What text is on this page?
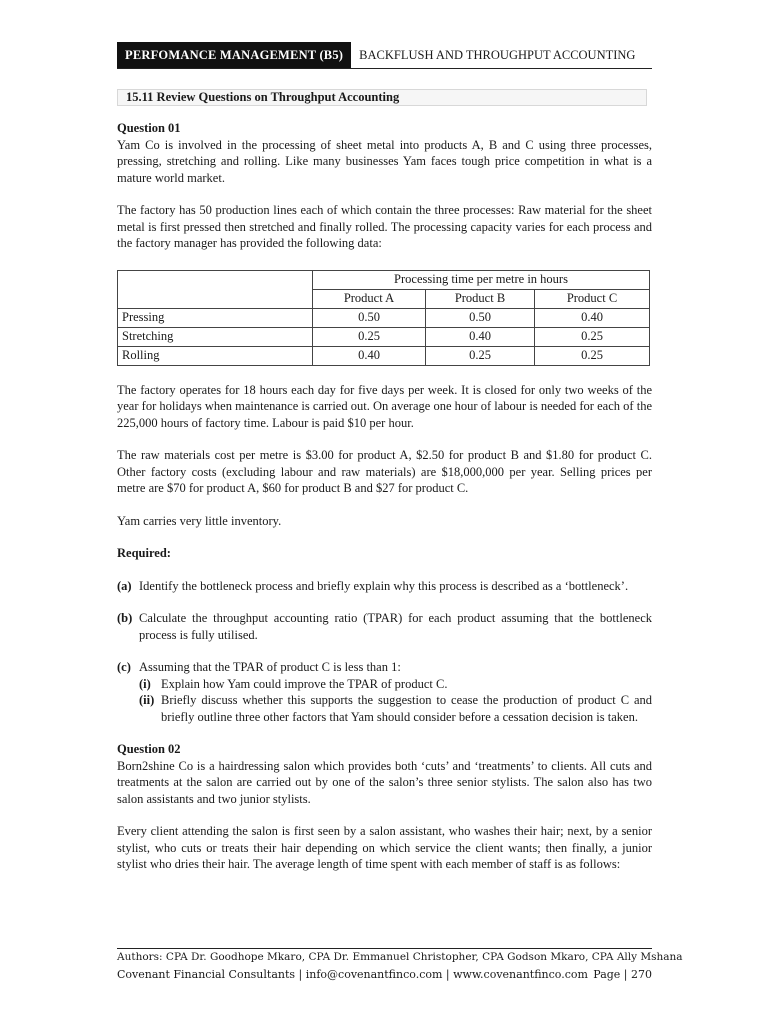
PERFOMANCE MANAGEMENT (B5)	BACKFLUSH AND THROUGHPUT ACCOUNTING
15.11 Review Questions on Throughput Accounting
Question 01

Yam Co is involved in the processing of sheet metal into products A, B and C using three processes, pressing, stretching and rolling. Like many businesses Yam faces tough price competition in what is a mature world market.

The factory has 50 production lines each of which contain the three processes: Raw material for the sheet metal is first pressed then stretched and finally rolled. The processing capacity varies for each process and the factory manager has provided the following data:

	Processing time per metre in hours		
	Product A	Product B	Product C
Pressing	0.50	0.50	0.40
Stretching	0.25	0.40	0.25
Rolling	0.40	0.25	0.25

The factory operates for 18 hours each day for five days per week. It is closed for only two weeks of the year for holidays when maintenance is carried out. On average one hour of labour is needed for each of the 225,000 hours of factory time. Labour is paid $10 per hour.

The raw materials cost per metre is $3.00 for product A, $2.50 for product B and $1.80 for product C. Other factory costs (excluding labour and raw materials) are $18,000,000 per year. Selling prices per metre are $70 for product A, $60 for product B and $27 for product C.

Yam carries very little inventory.

Required:
(a) Identify the bottleneck process and briefly explain why this process is described as a ‘bottleneck’.
(b) Calculate the throughput accounting ratio (TPAR) for each product assuming that the bottleneck process is fully utilised.
(c) Assuming that the TPAR of product C is less than 1:
(i) Explain how Yam could improve the TPAR of product C.
(ii) Briefly discuss whether this supports the suggestion to cease the production of product C and briefly outline three other factors that Yam should consider before a cessation decision is taken.
Question 02

Born2shine Co is a hairdressing salon which provides both ‘cuts’ and ‘treatments’ to clients. All cuts and treatments at the salon are carried out by one of the salon’s three senior stylists. The salon also has two salon assistants and two junior stylists.

Every client attending the salon is first seen by a salon assistant, who washes their hair; next, by a senior stylist, who cuts or treats their hair depending on which service the client wants; then finally, a junior stylist who dries their hair. The average length of time spent with each member of staff is as follows:

Authors: CPA Dr. Goodhope Mkaro, CPA Dr. Emmanuel Christopher, CPA Godson Mkaro, CPA Ally Mshana
Covenant Financial Consultants | info@covenantfinco.com | www.covenantfinco.com Page | 270
